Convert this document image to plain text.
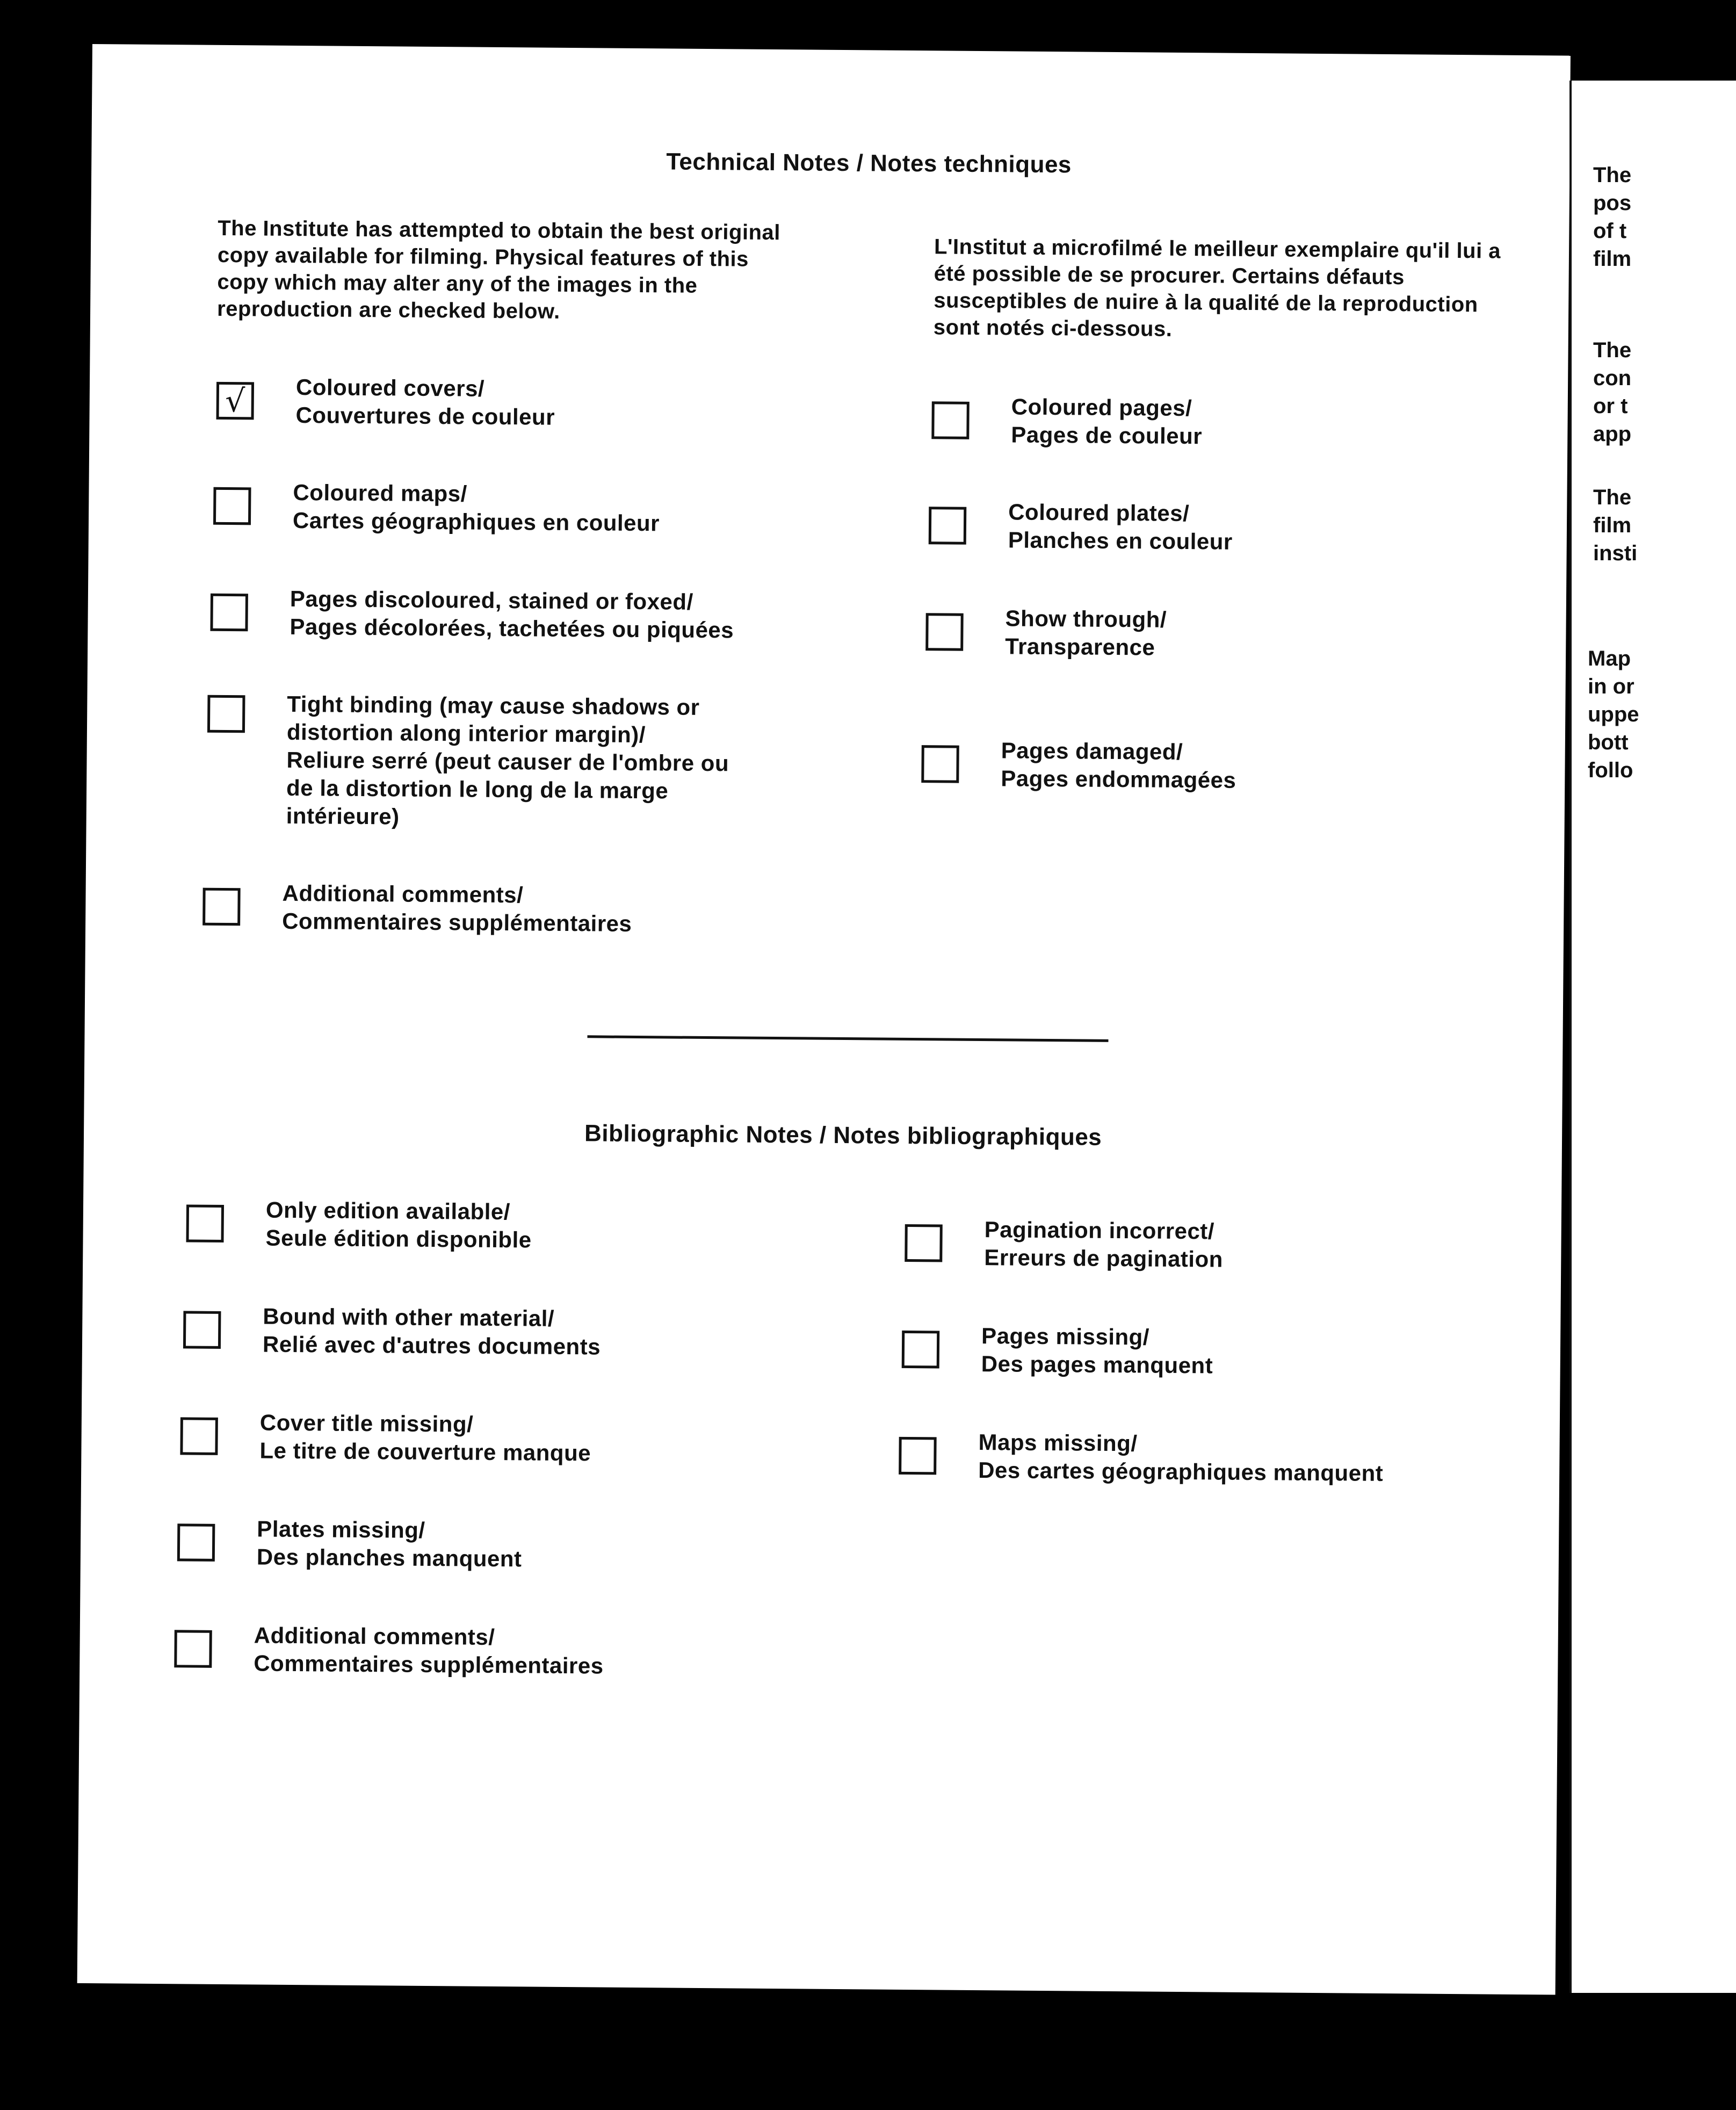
Technical Notes / Notes techniques
The Institute has attempted to obtain the best original copy available for filming. Physical features of this copy which may alter any of the images in the reproduction are checked below.
L'Institut a microfilmé le meilleur exemplaire qu'il lui a été possible de se procurer. Certains défauts susceptibles de nuire à la qualité de la reproduction sont notés ci-dessous.
√ Coloured covers/
Couvertures de couleur
Coloured maps/
Cartes géographiques en couleur
Pages discoloured, stained or foxed/
Pages décolorées, tachetées ou piquées
Tight binding (may cause shadows or
distortion along interior margin)/
Reliure serré (peut causer de l'ombre ou
de la distortion le long de la marge
intérieure)
Additional comments/
Commentaires supplémentaires
Coloured pages/
Pages de couleur
Coloured plates/
Planches en couleur
Show through/
Transparence
Pages damaged/
Pages endommagées
Bibliographic Notes / Notes bibliographiques
Only edition available/
Seule édition disponible
Bound with other material/
Relié avec d'autres documents
Cover title missing/
Le titre de couverture manque
Plates missing/
Des planches manquent
Additional comments/
Commentaires supplémentaires
Pagination incorrect/
Erreurs de pagination
Pages missing/
Des pages manquent
Maps missing/
Des cartes géographiques manquent
The
pos
of t
film
The
con
or t
app
The
film
insti
Map
in or
uppe
bott
follo
